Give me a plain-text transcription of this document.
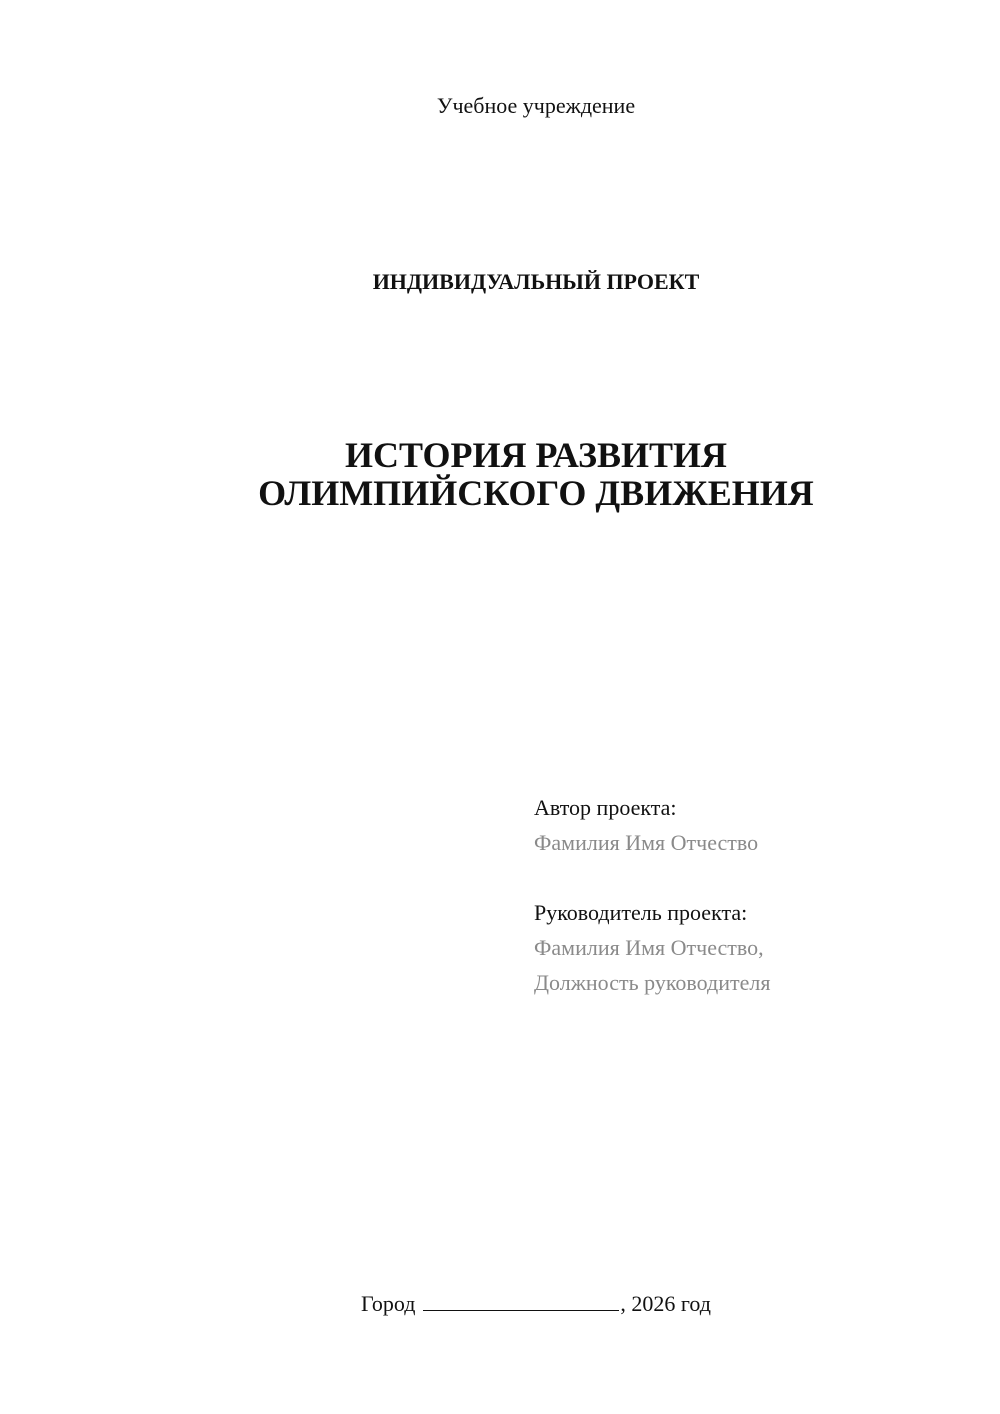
Учебное учреждение
ИНДИВИДУАЛЬНЫЙ ПРОЕКТ
ИСТОРИЯ РАЗВИТИЯ
ОЛИМПИЙСКОГО ДВИЖЕНИЯ
Автор проекта:
Фамилия Имя Отчество
Руководитель проекта:
Фамилия Имя Отчество,
Должность руководителя
Город	, 2026 год
